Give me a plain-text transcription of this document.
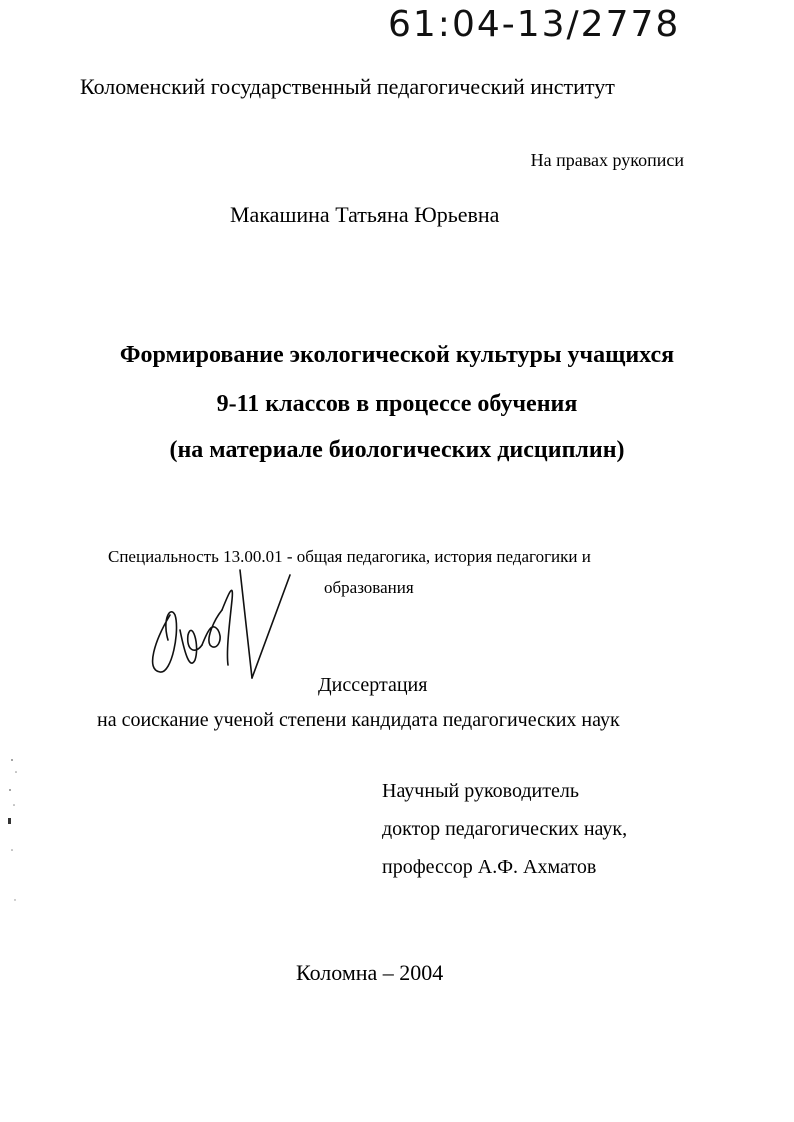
61:04-13/2778
Коломенский государственный педагогический институт
На правах рукописи
Макашина Татьяна Юрьевна
Формирование экологической культуры учащихся
9-11 классов в процессе обучения
(на материале биологических дисциплин)
Специальность 13.00.01 - общая педагогика, история педагогики и
образования
Диссертация
на соискание ученой степени кандидата педагогических наук
Научный руководитель
доктор педагогических наук,
профессор А.Ф. Ахматов
Коломна – 2004
